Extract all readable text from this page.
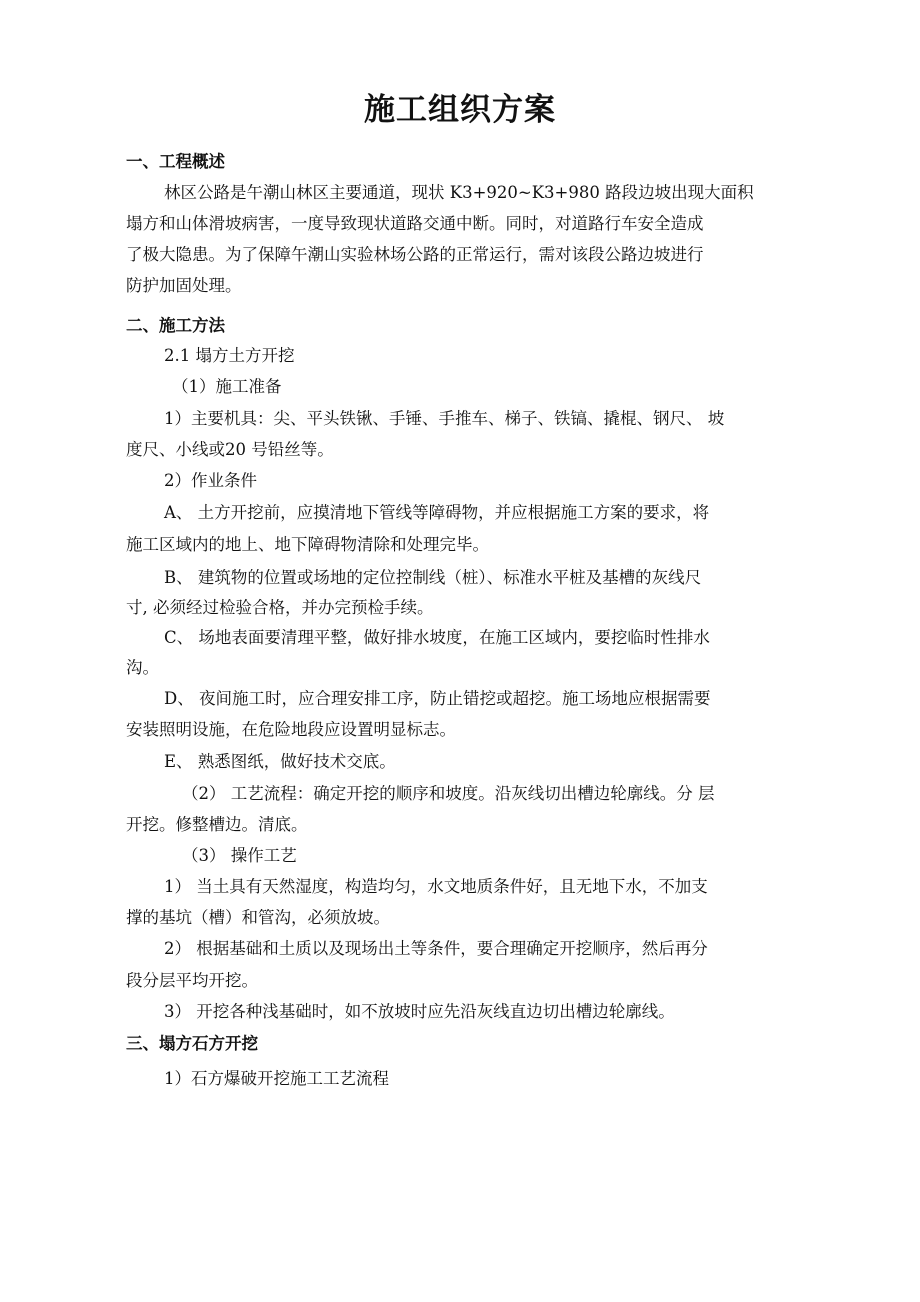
施工组织方案
一、工程概述

林区公路是午潮山林区主要通道，现状 K3+920~K3+980 路段边坡出现大面积

塌方和山体滑坡病害，一度导致现状道路交通中断。同时，对道路行车安全造成

了极大隐患。为了保障午潮山实验林场公路的正常运行，需对该段公路边坡进行

防护加固处理。

二、施工方法

2.1 塌方土方开挖

（1）施工准备

1）主要机具：尖、平头铁锹、手锤、手推车、梯子、铁镐、撬棍、钢尺、 坡

度尺、小线或20 号铅丝等。

2）作业条件

A、 土方开挖前，应摸清地下管线等障碍物，并应根据施工方案的要求，将

施工区域内的地上、地下障碍物清除和处理完毕。

B、 建筑物的位置或场地的定位控制线（桩）、标准水平桩及基槽的灰线尺

寸, 必须经过检验合格，并办完预检手续。

C、 场地表面要清理平整，做好排水坡度，在施工区域内，要挖临时性排水

沟。

D、 夜间施工时，应合理安排工序，防止错挖或超挖。施工场地应根据需要

安装照明设施，在危险地段应设置明显标志。

E、 熟悉图纸，做好技术交底。

（2） 工艺流程：确定开挖的顺序和坡度。沿灰线切出槽边轮廓线。分 层

开挖。修整槽边。清底。

（3） 操作工艺

1） 当土具有天然湿度，构造均匀，水文地质条件好，且无地下水，不加支

撑的基坑（槽）和管沟，必须放坡。

2） 根据基础和土质以及现场出土等条件，要合理确定开挖顺序，然后再分

段分层平均开挖。

3） 开挖各种浅基础时，如不放坡时应先沿灰线直边切出槽边轮廓线。

三、塌方石方开挖

1）石方爆破开挖施工工艺流程
